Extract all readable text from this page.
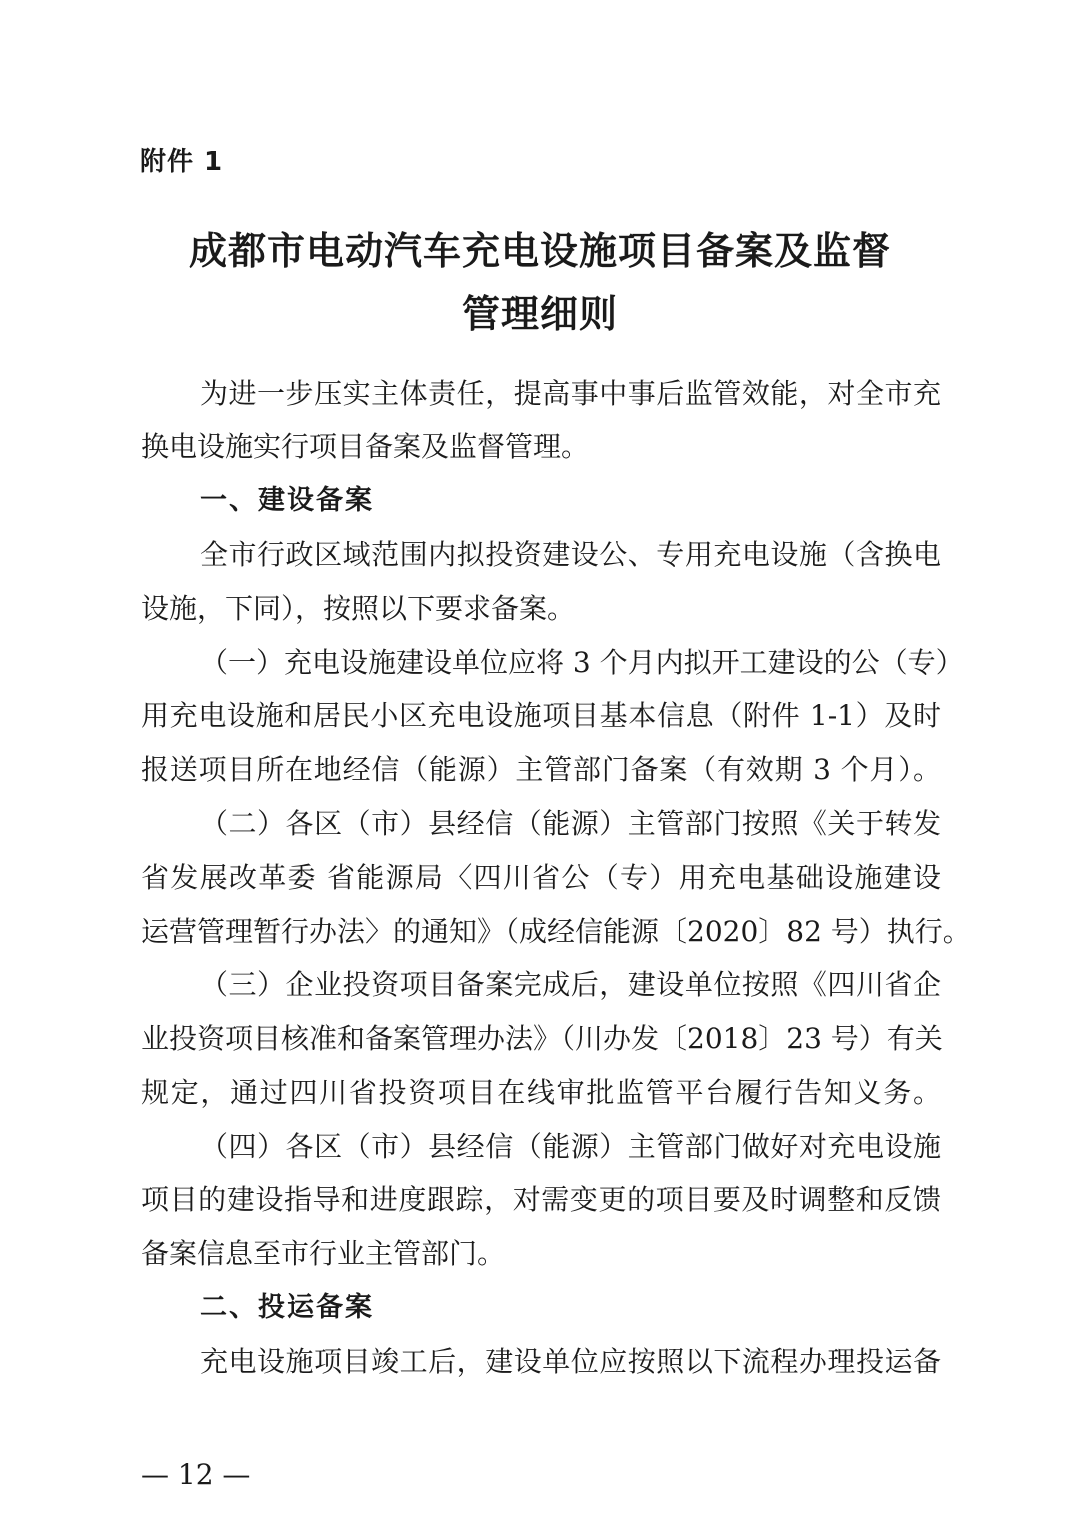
附件 1
成都市电动汽车充电设施项目备案及监督
管理细则
为进一步压实主体责任，提高事中事后监管效能，对全市充
换电设施实行项目备案及监督管理。
一、建设备案
全市行政区域范围内拟投资建设公、专用充电设施（含换电
设施，下同），按照以下要求备案。
（一）充电设施建设单位应将 3 个月内拟开工建设的公（专）
用充电设施和居民小区充电设施项目基本信息（附件 1-1）及时
报送项目所在地经信（能源）主管部门备案（有效期 3 个月）。
（二）各区（市）县经信（能源）主管部门按照《关于转发
省发展改革委 省能源局〈四川省公（专）用充电基础设施建设
运营管理暂行办法〉的通知》（成经信能源〔2020〕82 号）执行。
（三）企业投资项目备案完成后，建设单位按照《四川省企
业投资项目核准和备案管理办法》（川办发〔2018〕23 号）有关
规定，通过四川省投资项目在线审批监管平台履行告知义务。
（四）各区（市）县经信（能源）主管部门做好对充电设施
项目的建设指导和进度跟踪，对需变更的项目要及时调整和反馈
备案信息至市行业主管部门。
二、投运备案
充电设施项目竣工后，建设单位应按照以下流程办理投运备
— 12 —
